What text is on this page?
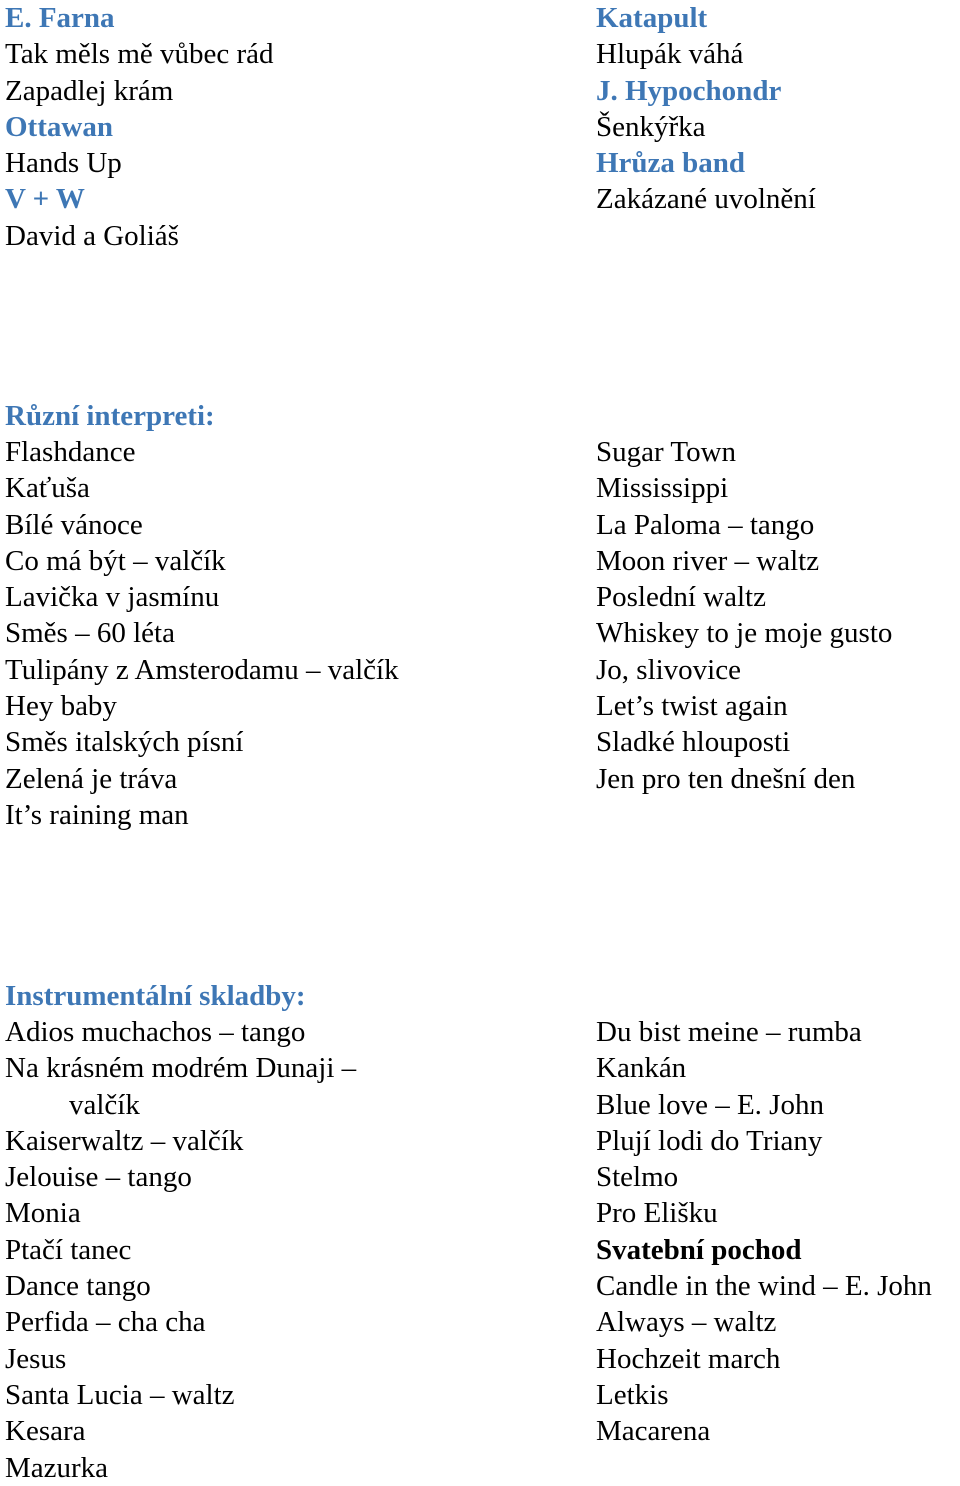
E. Farna
Tak měls mě vůbec rád
Zapadlej krám
Ottawan
Hands Up
V + W
David a Goliáš
Katapult
Hlupák váhá
J. Hypochondr
Šenkýřka
Hrůza band
Zakázané uvolnění
Různí interpreti:
Flashdance
Kaťuša
Bílé vánoce
Co má být – valčík
Lavička v jasmínu
Směs – 60 léta
Tulipány z Amsterodamu – valčík
Hey baby
Směs italských písní
Zelená je tráva
It’s raining man
Sugar Town
Mississippi
La Paloma – tango
Moon river – waltz
Poslední waltz
Whiskey to je moje gusto
Jo, slivovice
Let’s twist again
Sladké hlouposti
Jen pro ten dnešní den
Instrumentální skladby:
Adios muchachos – tango
Na krásném modrém Dunaji –
valčík
Kaiserwaltz – valčík
Jelouise – tango
Monia
Ptačí tanec
Dance tango
Perfida – cha cha
Jesus
Santa Lucia – waltz
Kesara
Mazurka
Du bist meine – rumba
Kankán
Blue love – E. John
Plují lodi do Triany
Stelmo
Pro Elišku
Svatební pochod
Candle in the wind – E. John
Always – waltz
Hochzeit march
Letkis
Macarena
